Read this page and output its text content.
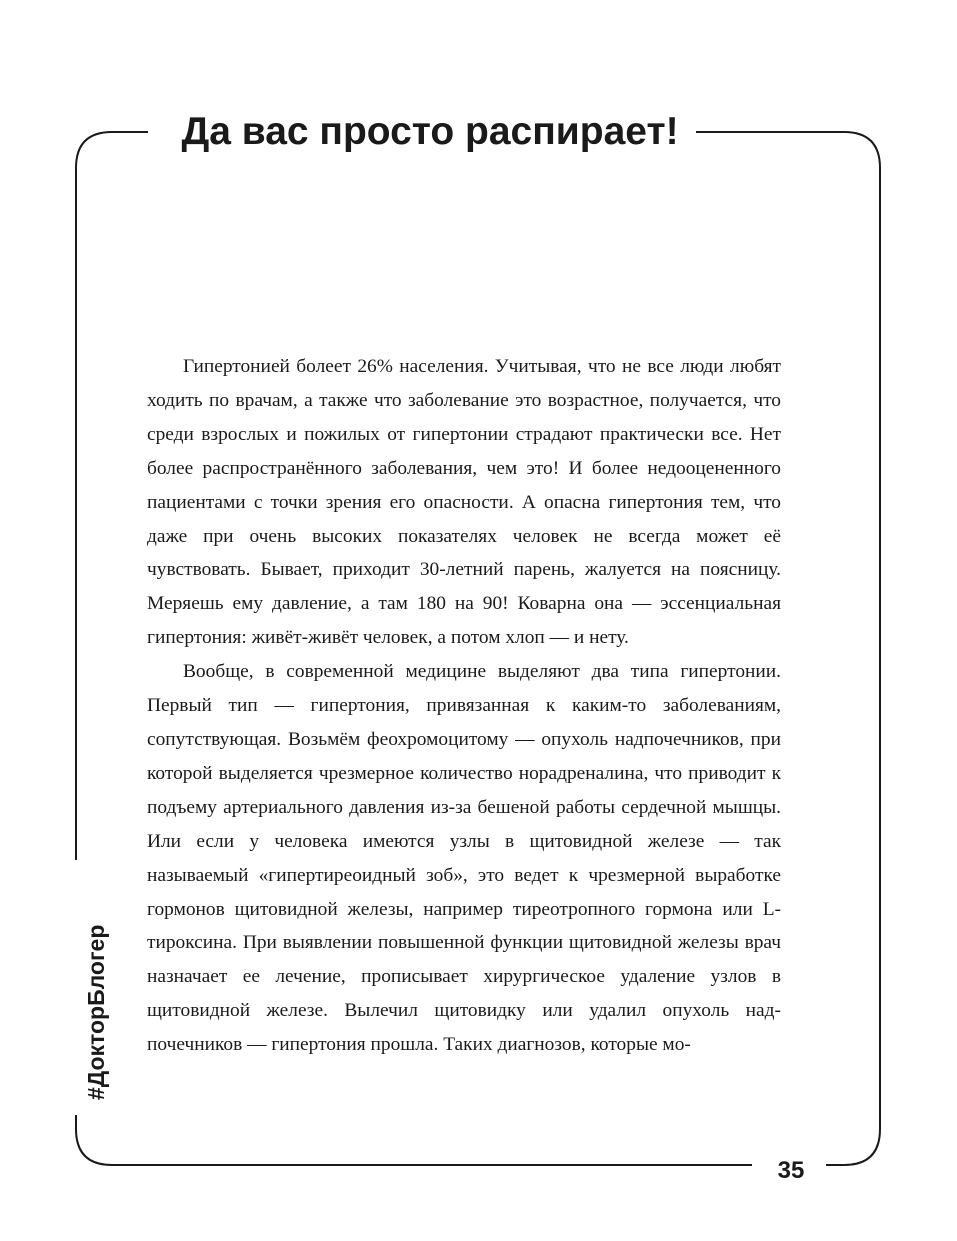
Да вас просто распирает!
#ДокторБлогер

Гипертонией болеет 26% населения. Учитывая, что не все люди любят ходить по врачам, а также что заболевание это возрастное, получается, что среди взрослых и пожилых от гипертонии страдают практически все. Нет более распространённого заболевания, чем это! И более недооцененного пациентами с точки зрения его опасности. А опасна гипертония тем, что даже при очень высоких показателях человек не всегда может её чувствовать. Бывает, приходит 30-летний парень, жалуется на поясницу. Меряешь ему давление, а там 180 на 90! Коварна она — эссенциальная гипертония: живёт-живёт человек, а потом хлоп — и нету.

Вообще, в современной медицине выделяют два типа гипертонии. Первый тип — гипертония, привязанная к каким-то заболеваниям, сопутствующая. Возьмём феохромоцитому — опухоль надпочечников, при которой выделяется чрезмерное количество норадреналина, что приводит к подъему артериального давления из-за бешеной работы сердечной мышцы. Или если у человека имеются узлы в щитовидной железе — так называемый «гипертиреоидный зоб», это ведет к чрезмерной выработке гормонов щитовидной железы, например тиреотропного гормона или L-тироксина. При выявлении повышенной функции щитовидной железы врач назначает ее лечение, прописывает хирургическое удаление узлов в щитовидной железе. Вылечил щитовидку или удалил опухоль надпочечников — гипертония прошла. Таких диагнозов, которые мо-

35
